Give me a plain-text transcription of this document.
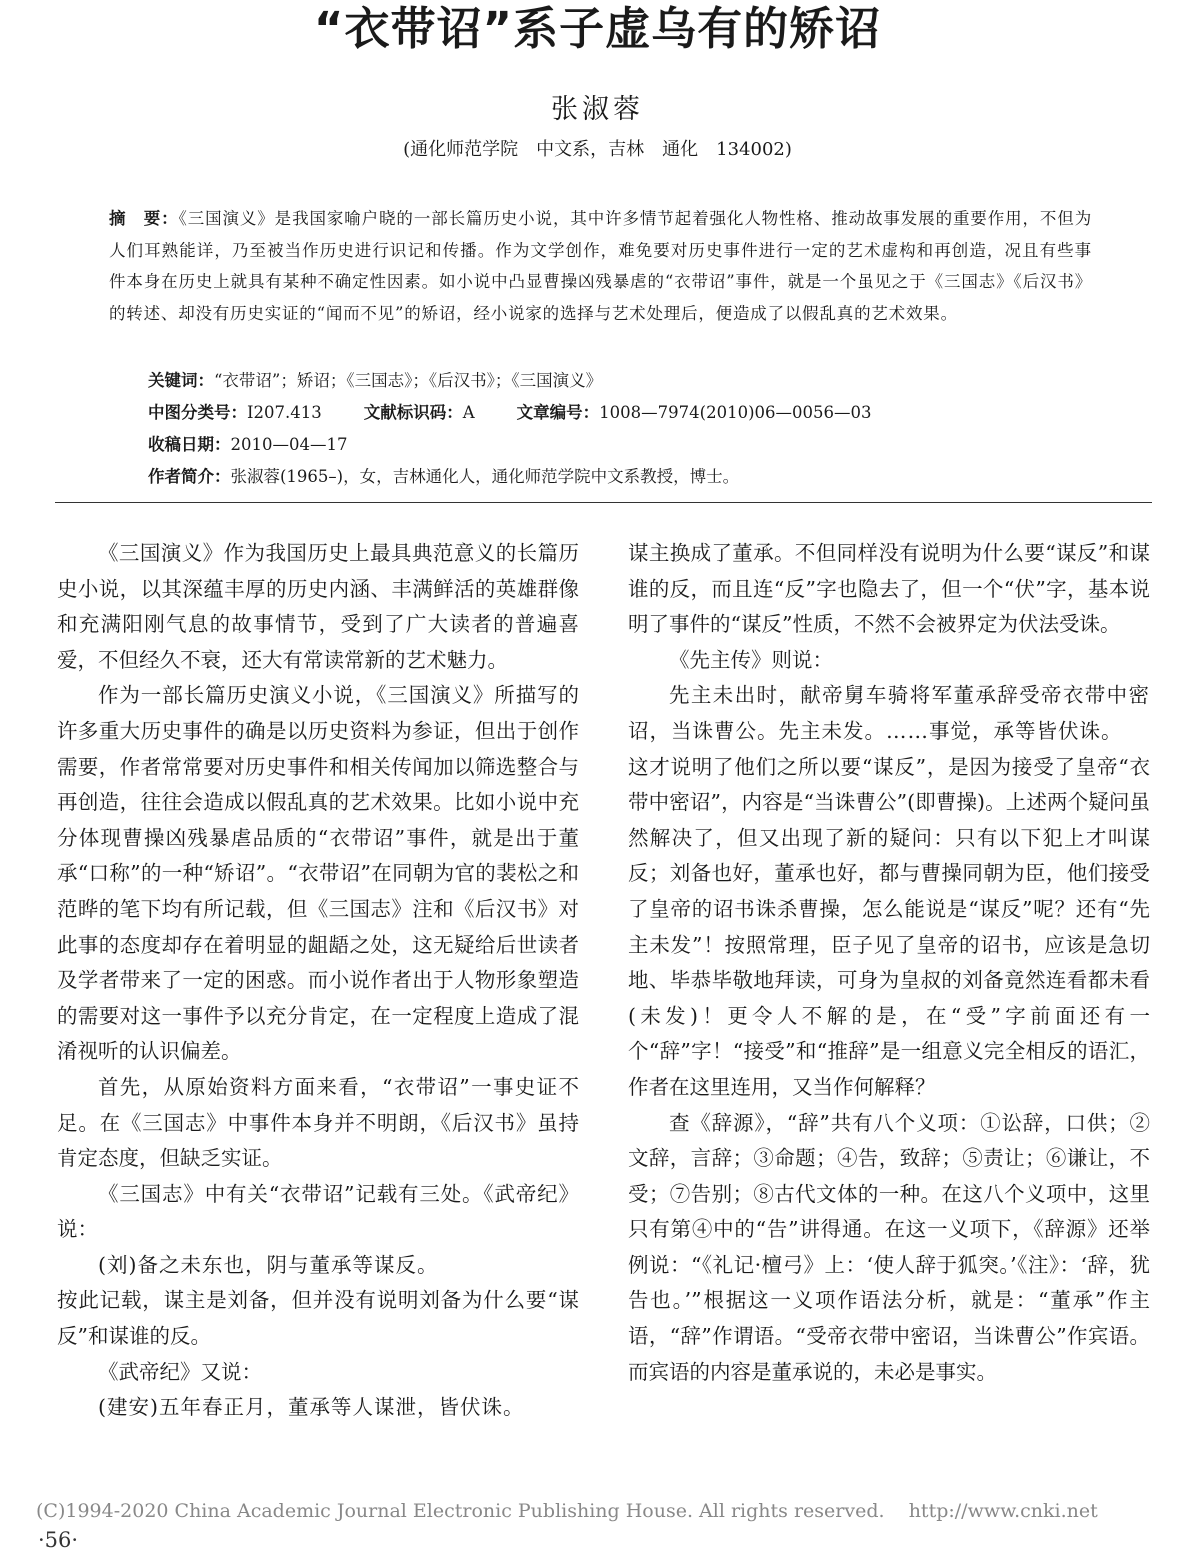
“衣带诏”系子虚乌有的矫诏
张淑蓉
(通化师范学院　中文系，吉林　通化　134002)
摘　要：《三国演义》是我国家喻户晓的一部长篇历史小说，其中许多情节起着强化人物性格、推动故事发展的重要作用，不但为人们耳熟能详，乃至被当作历史进行识记和传播。作为文学创作，难免要对历史事件进行一定的艺术虚构和再创造，况且有些事件本身在历史上就具有某种不确定性因素。如小说中凸显曹操凶残暴虐的“衣带诏”事件，就是一个虽见之于《三国志》《后汉书》的转述、却没有历史实证的“闻而不见”的矫诏，经小说家的选择与艺术处理后，便造成了以假乱真的艺术效果。
关键词：“衣带诏”；矫诏；《三国志》；《后汉书》；《三国演义》
中图分类号：I207.413	文献标识码：A	文章编号：1008—7974(2010)06—0056—03
收稿日期：2010—04—17
作者简介：张淑蓉(1965–)，女，吉林通化人，通化师范学院中文系教授，博士。

《三国演义》作为我国历史上最具典范意义的长篇历史小说，以其深蕴丰厚的历史内涵、丰满鲜活的英雄群像和充满阳刚气息的故事情节，受到了广大读者的普遍喜爱，不但经久不衰，还大有常读常新的艺术魅力。

作为一部长篇历史演义小说，《三国演义》所描写的许多重大历史事件的确是以历史资料为参证，但出于创作需要，作者常常要对历史事件和相关传闻加以筛选整合与再创造，往往会造成以假乱真的艺术效果。比如小说中充分体现曹操凶残暴虐品质的“衣带诏”事件，就是出于董承“口称”的一种“矫诏”。“衣带诏”在同朝为官的裴松之和范晔的笔下均有所记载，但《三国志》注和《后汉书》对此事的态度却存在着明显的龃龉之处，这无疑给后世读者及学者带来了一定的困惑。而小说作者出于人物形象塑造的需要对这一事件予以充分肯定，在一定程度上造成了混淆视听的认识偏差。

首先，从原始资料方面来看，“衣带诏”一事史证不足。在《三国志》中事件本身并不明朗，《后汉书》虽持肯定态度，但缺乏实证。

《三国志》中有关“衣带诏”记载有三处。《武帝纪》说：

(刘)备之未东也，阴与董承等谋反。

按此记载，谋主是刘备，但并没有说明刘备为什么要“谋反”和谋谁的反。

《武帝纪》又说：

(建安)五年春正月，董承等人谋泄，皆伏诛。

谋主换成了董承。不但同样没有说明为什么要“谋反”和谋谁的反，而且连“反”字也隐去了，但一个“伏”字，基本说明了事件的“谋反”性质，不然不会被界定为伏法受诛。

《先主传》则说：

先主未出时，献帝舅车骑将军董承辞受帝衣带中密诏，当诛曹公。先主未发。……事觉，承等皆伏诛。

这才说明了他们之所以要“谋反”，是因为接受了皇帝“衣带中密诏”，内容是“当诛曹公”(即曹操)。上述两个疑问虽然解决了，但又出现了新的疑问：只有以下犯上才叫谋反；刘备也好，董承也好，都与曹操同朝为臣，他们接受了皇帝的诏书诛杀曹操，怎么能说是“谋反”呢？还有“先主未发”！按照常理，臣子见了皇帝的诏书，应该是急切地、毕恭毕敬地拜读，可身为皇叔的刘备竟然连看都未看(未发)！更令人不解的是，在“受”字前面还有一个“辞”字！“接受”和“推辞”是一组意义完全相反的语汇，作者在这里连用，又当作何解释？

查《辞源》，“辞”共有八个义项：①讼辞，口供；②文辞，言辞；③命题；④告，致辞；⑤责让；⑥谦让，不受；⑦告别；⑧古代文体的一种。在这八个义项中，这里只有第④中的“告”讲得通。在这一义项下，《辞源》还举例说：“《礼记·檀弓》上：‘使人辞于狐突。’《注》：‘辞，犹告也。’”根据这一义项作语法分析，就是：“董承”作主语，“辞”作谓语。“受帝衣带中密诏，当诛曹公”作宾语。而宾语的内容是董承说的，未必是事实。

(C)1994-2020 China Academic Journal Electronic Publishing House. All rights reserved.    http://www.cnki.net
·56·
